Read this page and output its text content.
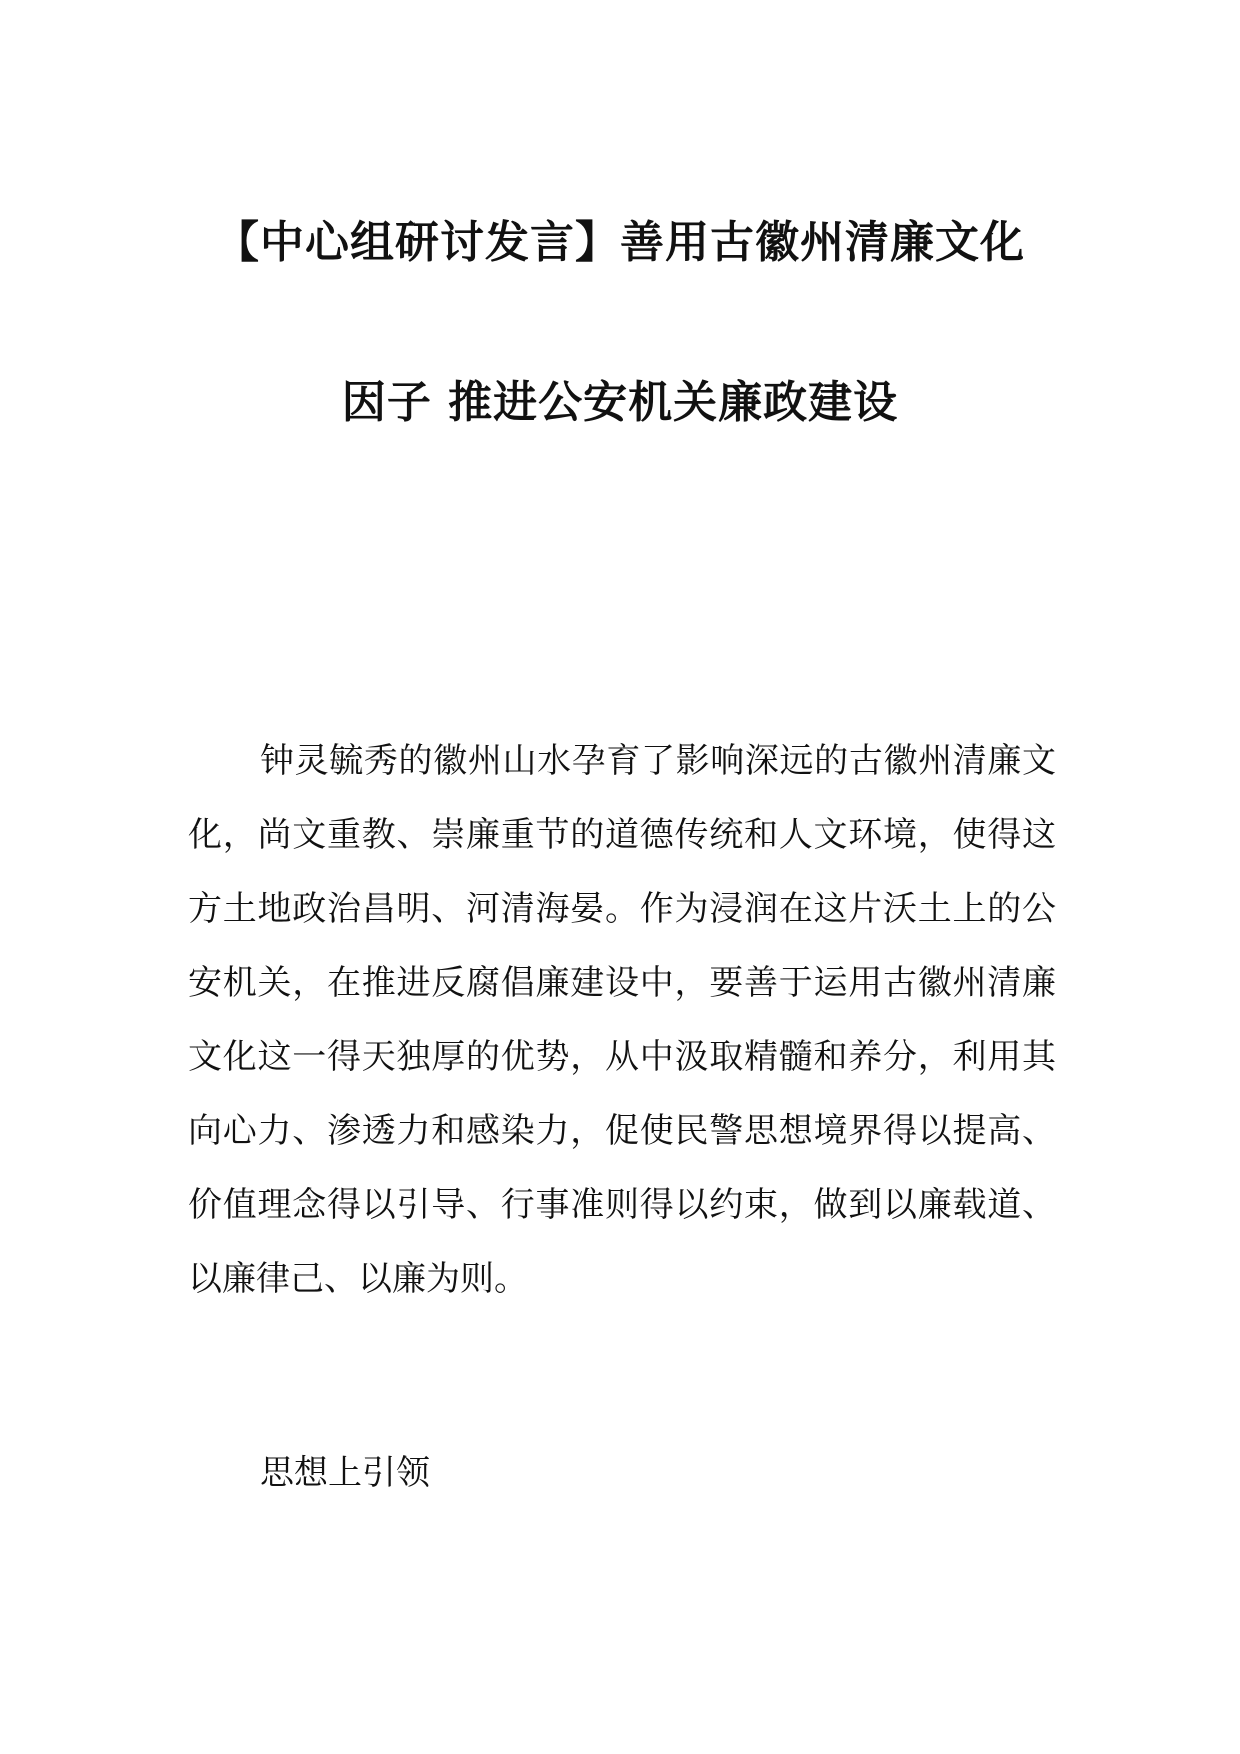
【中心组研讨发言】善用古徽州清廉文化
因子 推进公安机关廉政建设

钟灵毓秀的徽州山水孕育了影响深远的古徽州清廉文化，尚文重教、崇廉重节的道德传统和人文环境，使得这方土地政治昌明、河清海晏。作为浸润在这片沃土上的公安机关，在推进反腐倡廉建设中，要善于运用古徽州清廉文化这一得天独厚的优势，从中汲取精髓和养分，利用其向心力、渗透力和感染力，促使民警思想境界得以提高、价值理念得以引导、行事准则得以约束，做到以廉载道、以廉律己、以廉为则。

思想上引领
